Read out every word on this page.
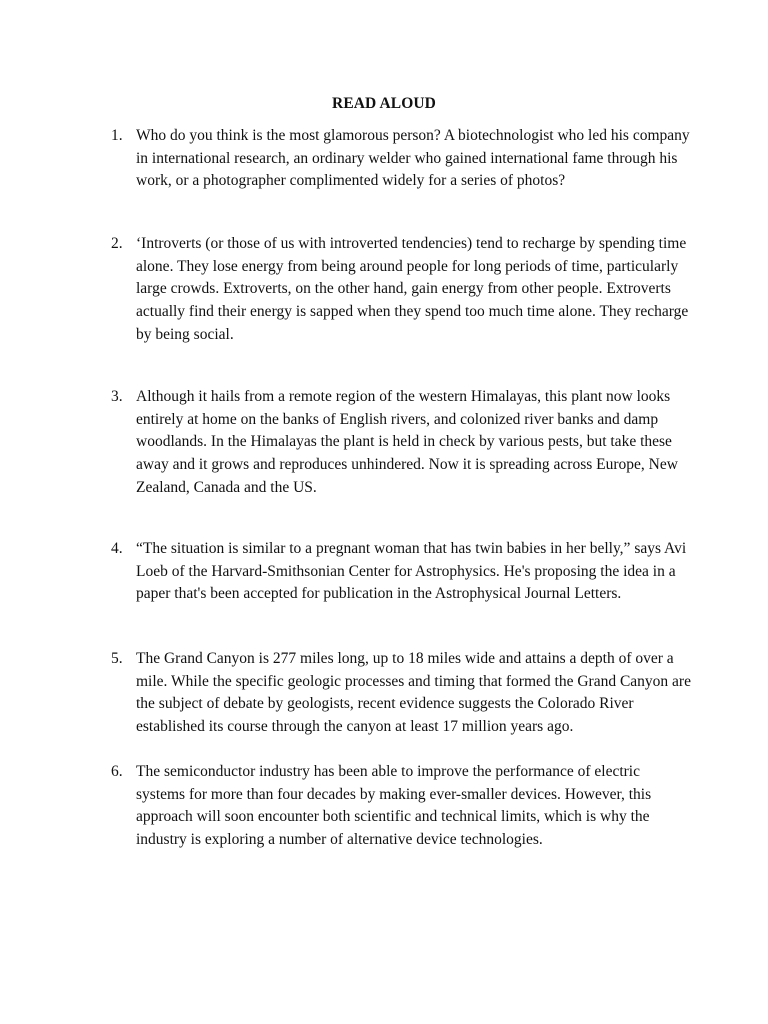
READ ALOUD
1. Who do you think is the most glamorous person? A biotechnologist who led his company in international research, an ordinary welder who gained international fame through his work, or a photographer complimented widely for a series of photos?
2. ‘Introverts (or those of us with introverted tendencies) tend to recharge by spending time alone. They lose energy from being around people for long periods of time, particularly large crowds. Extroverts, on the other hand, gain energy from other people. Extroverts actually find their energy is sapped when they spend too much time alone. They recharge by being social.
3. Although it hails from a remote region of the western Himalayas, this plant now looks entirely at home on the banks of English rivers, and colonized river banks and damp woodlands. In the Himalayas the plant is held in check by various pests, but take these away and it grows and reproduces unhindered. Now it is spreading across Europe, New Zealand, Canada and the US.
4. “The situation is similar to a pregnant woman that has twin babies in her belly,” says Avi Loeb of the Harvard-Smithsonian Center for Astrophysics. He's proposing the idea in a paper that's been accepted for publication in the Astrophysical Journal Letters.
5. The Grand Canyon is 277 miles long, up to 18 miles wide and attains a depth of over a mile. While the specific geologic processes and timing that formed the Grand Canyon are the subject of debate by geologists, recent evidence suggests the Colorado River established its course through the canyon at least 17 million years ago.
6. The semiconductor industry has been able to improve the performance of electric systems for more than four decades by making ever-smaller devices. However, this approach will soon encounter both scientific and technical limits, which is why the industry is exploring a number of alternative device technologies.
